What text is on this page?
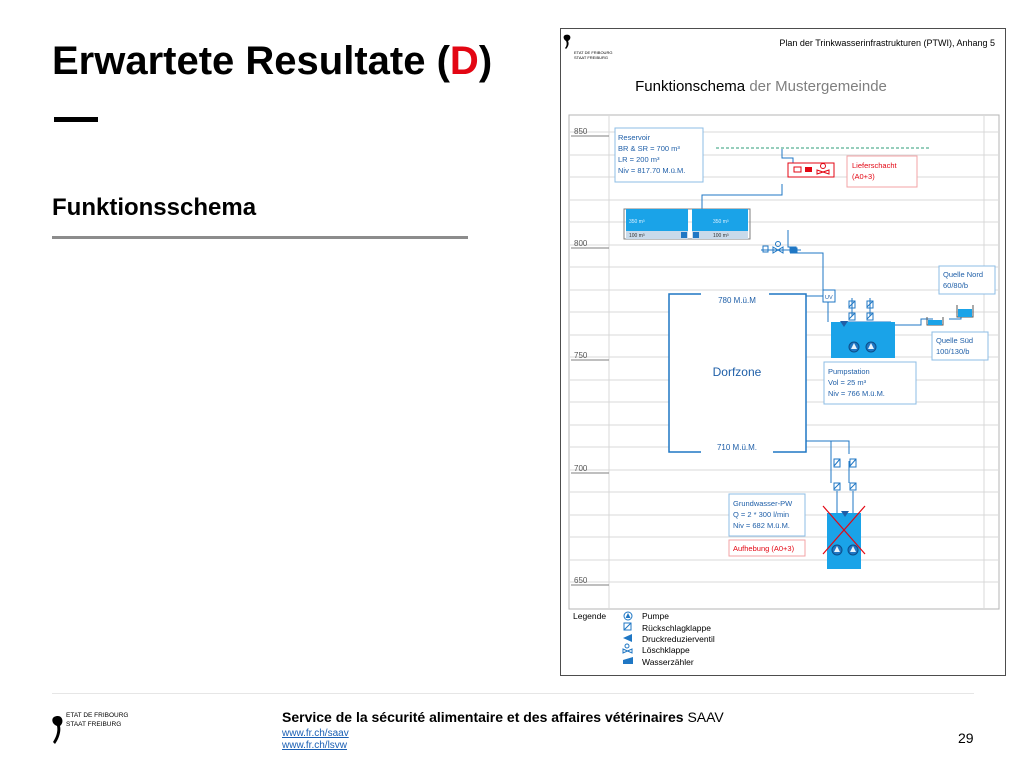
Erwartete Resultate (D)
Funktionsschema
ETAT DE FRIBOURG
STAAT FREIBURG
Plan der Trinkwasserinfrastrukturen (PTWI), Anhang 5
Funktionschema der Mustergemeinde
850
800
750
700
650
Reservoir
BR & SR = 700 m³
LR = 200 m³
Niv = 817.70 M.ü.M.
350 m³	350 m³
100 m³	100 m³
Lieferschacht
(A0+3)
UV
780 M.ü.M
Dorfzone
710 M.ü.M.
Pumpstation
Vol = 25 m³
Niv = 766 M.ü.M.
Quelle Nord
60/80/b
Quelle Süd
100/130/b
Grundwasser-PW
Q = 2 * 300 l/min
Niv = 682 M.ü.M.
Aufhebung (A0+3)
Legende	Pumpe
Rückschlagklappe
Druckreduzierventil
Löschklappe
Wasserzähler
ETAT DE FRIBOURG
STAAT FREIBURG	Service de la sécurité alimentaire et des affaires vétérinaires SAAV
www.fr.ch/saav
www.fr.ch/lsvw	29
